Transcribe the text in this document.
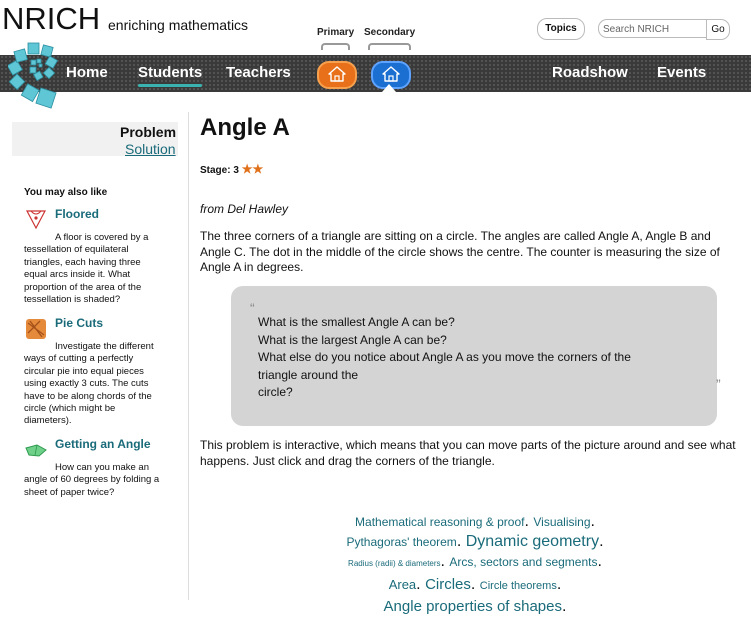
NRICH enriching mathematics	Primary Secondary	Topics	Search NRICH	Go
Home Students Teachers	Roadshow Events
Problem
Solution
You may also like
Floored

A floor is covered by a tessellation of equilateral triangles, each having three equal arcs inside it. What proportion of the area of the tessellation is shaded?

Pie Cuts

Investigate the different ways of cutting a perfectly circular pie into equal pieces using exactly 3 cuts. The cuts have to be along chords of the circle (which might be diameters).

Getting an Angle

How can you make an angle of 60 degrees by folding a sheet of paper twice?

Angle A
Stage: 3 ★★
from Del Hawley

The three corners of a triangle are sitting on a circle. The angles are called Angle A, Angle B and Angle C. The dot in the middle of the circle shows the centre. The counter is measuring the size of Angle A in degrees.

“
What is the smallest Angle A can be?
What is the largest Angle A can be?
What else do you notice about Angle A as you move the corners of the
triangle around the
circle?	”

This problem is interactive, which means that you can move parts of the picture around and see what happens. Just click and drag the corners of the triangle.

Mathematical reasoning & proof. Visualising.
Pythagoras' theorem. Dynamic geometry.
Radius (radii) & diameters. Arcs, sectors and segments.
Area. Circles. Circle theorems.
Angle properties of shapes.
